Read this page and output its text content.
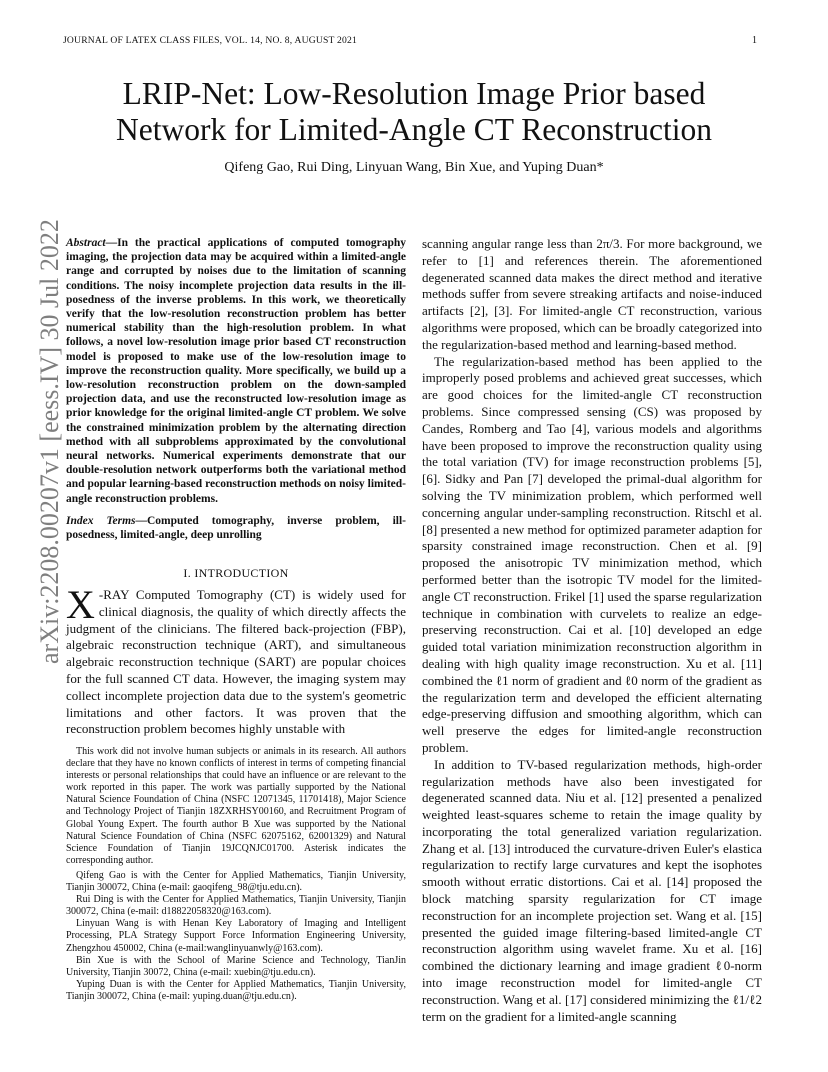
JOURNAL OF LATEX CLASS FILES, VOL. 14, NO. 8, AUGUST 2021	1
LRIP-Net: Low-Resolution Image Prior based
Network for Limited-Angle CT Reconstruction
Qifeng Gao, Rui Ding, Linyuan Wang, Bin Xue, and Yuping Duan*
arXiv:2208.00207v1 [eess.IV] 30 Jul 2022 Abstract—In the practical applications of computed tomography imaging, the projection data may be acquired within a limited-angle range and corrupted by noises due to the limitation of scanning conditions. The noisy incomplete projection data results in the ill-posedness of the inverse problems. In this work, we theoretically verify that the low-resolution reconstruction problem has better numerical stability than the high-resolution problem. In what follows, a novel low-resolution image prior based CT reconstruction model is proposed to make use of the low-resolution image to improve the reconstruction quality. More specifically, we build up a low-resolution reconstruction problem on the down-sampled projection data, and use the reconstructed low-resolution image as prior knowledge for the original limited-angle CT problem. We solve the constrained minimization problem by the alternating direction method with all subproblems approximated by the convolutional neural networks. Numerical experiments demonstrate that our double-resolution network outperforms both the variational method and popular learning-based reconstruction methods on noisy limited-angle reconstruction problems.
Index Terms—Computed tomography, inverse problem, ill-posedness, limited-angle, deep unrolling
I. INTRODUCTION
X -RAY Computed Tomography (CT) is widely used for clinical diagnosis, the quality of which directly affects the judgment of the clinicians. The filtered back-projection (FBP), algebraic reconstruction technique (ART), and simultaneous algebraic reconstruction technique (SART) are popular choices for the full scanned CT data. However, the imaging system may collect incomplete projection data due to the system's geometric limitations and other factors. It was proven that the reconstruction problem becomes highly unstable with

This work did not involve human subjects or animals in its research. All authors declare that they have no known conflicts of interest in terms of competing financial interests or personal relationships that could have an influence or are relevant to the work reported in this paper. The work was partially supported by the National Natural Science Foundation of China (NSFC 12071345, 11701418), Major Science and Technology Project of Tianjin 18ZXRHSY00160, and Recruitment Program of Global Young Expert. The fourth author B Xue was supported by the National Natural Science Foundation of China (NSFC 62075162, 62001329) and Natural Science Foundation of Tianjin 19JCQNJC01700. Asterisk indicates the corresponding author.

Qifeng Gao is with the Center for Applied Mathematics, Tianjin University, Tianjin 300072, China (e-mail: gaoqifeng_98@tju.edu.cn).

Rui Ding is with the Center for Applied Mathematics, Tianjin University, Tianjin 300072, China (e-mail: d18822058320@163.com).

Linyuan Wang is with Henan Key Laboratory of Imaging and Intelligent Processing, PLA Strategy Support Force Information Engineering University, Zhengzhou 450002, China (e-mail:wanglinyuanwly@163.com).

Bin Xue is with the School of Marine Science and Technology, TianJin University, Tianjin 30072, China (e-mail: xuebin@tju.edu.cn).

Yuping Duan is with the Center for Applied Mathematics, Tianjin University, Tianjin 300072, China (e-mail: yuping.duan@tju.edu.cn).

scanning angular range less than 2π/3. For more background, we refer to [1] and references therein. The aforementioned degenerated scanned data makes the direct method and iterative methods suffer from severe streaking artifacts and noise-induced artifacts [2], [3]. For limited-angle CT reconstruction, various algorithms were proposed, which can be broadly categorized into the regularization-based method and learning-based method.

The regularization-based method has been applied to the improperly posed problems and achieved great successes, which are good choices for the limited-angle CT reconstruction problems. Since compressed sensing (CS) was proposed by Candes, Romberg and Tao [4], various models and algorithms have been proposed to improve the reconstruction quality using the total variation (TV) for image reconstruction problems [5], [6]. Sidky and Pan [7] developed the primal-dual algorithm for solving the TV minimization problem, which performed well concerning angular under-sampling reconstruction. Ritschl et al. [8] presented a new method for optimized parameter adaption for sparsity constrained image reconstruction. Chen et al. [9] proposed the anisotropic TV minimization method, which performed better than the isotropic TV model for the limited-angle CT reconstruction. Frikel [1] used the sparse regularization technique in combination with curvelets to realize an edge-preserving reconstruction. Cai et al. [10] developed an edge guided total variation minimization reconstruction algorithm in dealing with high quality image reconstruction. Xu et al. [11] combined the ℓ1 norm of gradient and ℓ0 norm of the gradient as the regularization term and developed the efficient alternating edge-preserving diffusion and smoothing algorithm, which can well preserve the edges for limited-angle reconstruction problem.

In addition to TV-based regularization methods, high-order regularization methods have also been investigated for degenerated scanned data. Niu et al. [12] presented a penalized weighted least-squares scheme to retain the image quality by incorporating the total generalized variation regularization. Zhang et al. [13] introduced the curvature-driven Euler's elastica regularization to rectify large curvatures and kept the isophotes smooth without erratic distortions. Cai et al. [14] proposed the block matching sparsity regularization for CT image reconstruction for an incomplete projection set. Wang et al. [15] presented the guided image filtering-based limited-angle CT reconstruction algorithm using wavelet frame. Xu et al. [16] combined the dictionary learning and image gradient ℓ0-norm into image reconstruction model for limited-angle CT reconstruction. Wang et al. [17] considered minimizing the ℓ1/ℓ2 term on the gradient for a limited-angle scanning
